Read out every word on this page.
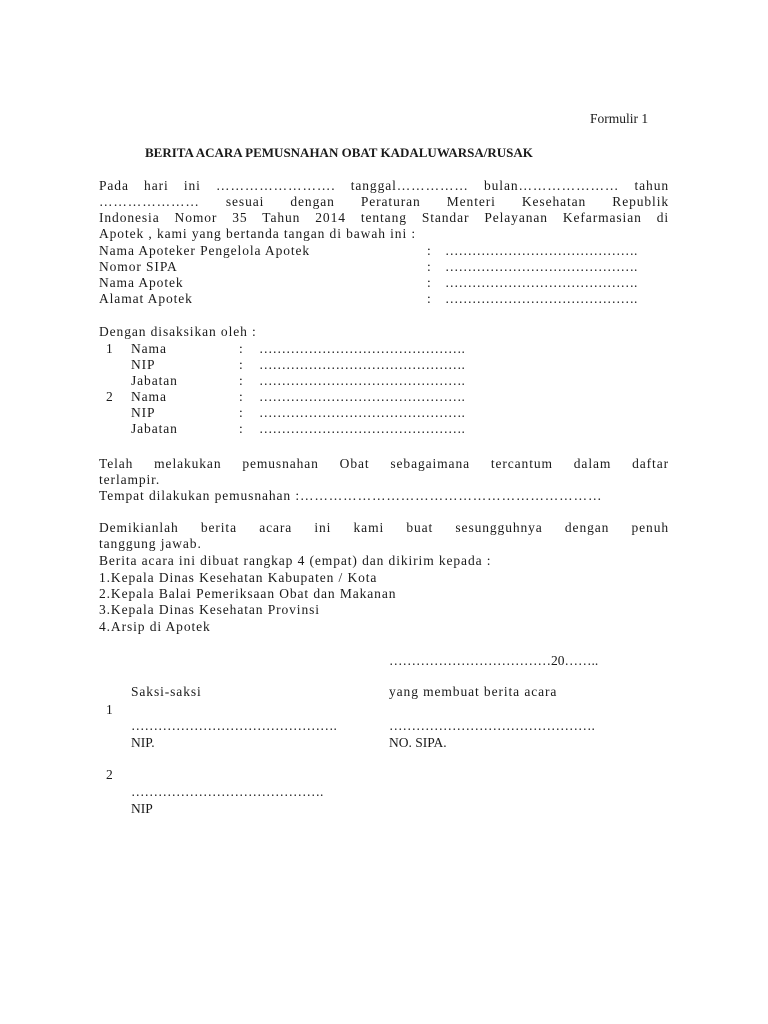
Formulir 1
BERITA ACARA PEMUSNAHAN OBAT KADALUWARSA/RUSAK
Pada hari ini ……………………. tanggal…………… bulan………………… tahun
………………… sesuai dengan Peraturan Menteri Kesehatan Republik
Indonesia Nomor 35 Tahun 2014 tentang Standar Pelayanan Kefarmasian di
Apotek , kami yang bertanda tangan di bawah ini :
Nama Apoteker Pengelola Apotek	: …………………………………….
Nomor SIPA	: …………………………………….
Nama Apotek	: …………………………………….
Alamat Apotek	: …………………………………….
Dengan disaksikan oleh :
1 Nama	: ……………………………………….
NIP	: ……………………………………….
Jabatan	: ……………………………………….
2 Nama	: ……………………………………….
NIP	: ……………………………………….
Jabatan	: ……………………………………….
Telah melakukan pemusnahan Obat sebagaimana tercantum dalam daftar
terlampir.
Tempat dilakukan pemusnahan :………………………………………………………
Demikianlah berita acara ini kami buat sesungguhnya dengan penuh
tanggung jawab.
Berita acara ini dibuat rangkap 4 (empat) dan dikirim kepada :
1.Kepala Dinas Kesehatan Kabupaten / Kota
2.Kepala Balai Pemeriksaan Obat dan Makanan
3.Kepala Dinas Kesehatan Provinsi
4.Arsip di Apotek
………………………………20……..
Saksi-saksi	yang membuat berita acara
1
……………………………………….	……………………………………….
NIP.	NO. SIPA.
2
…………………………………….
NIP
